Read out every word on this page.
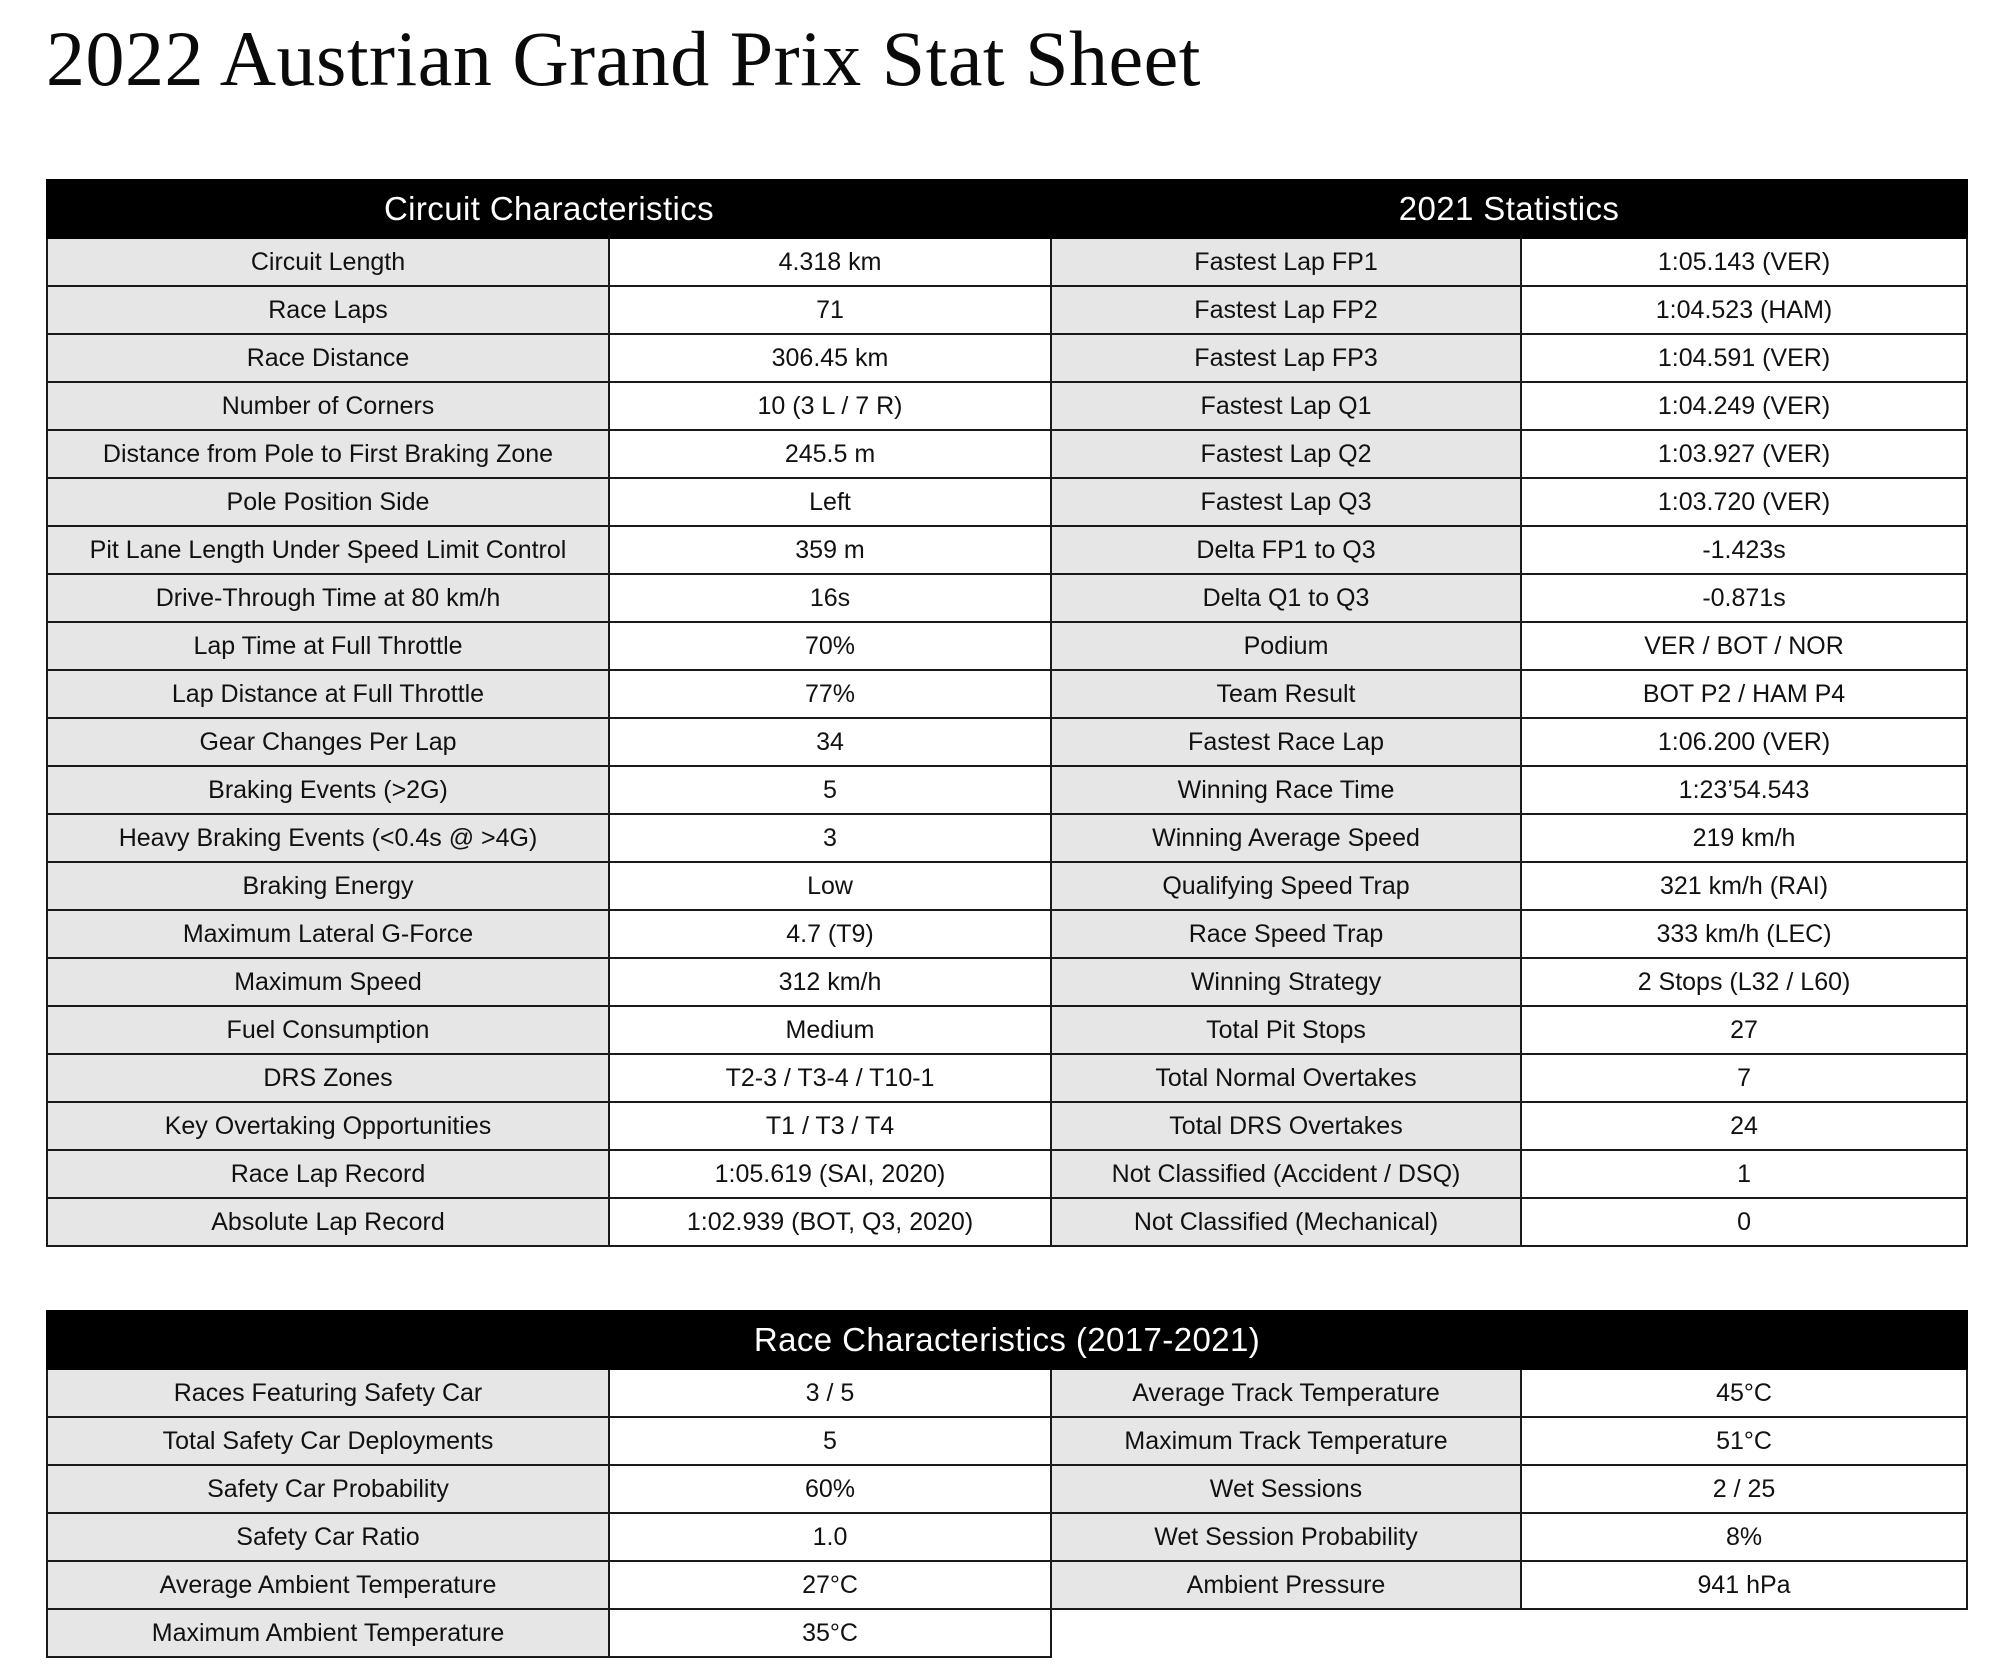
2022 Austrian Grand Prix Stat Sheet
Circuit Characteristics		2021 Statistics	
Circuit Length	4.318 km	Fastest Lap FP1	1:05.143 (VER)
Race Laps	71	Fastest Lap FP2	1:04.523 (HAM)
Race Distance	306.45 km	Fastest Lap FP3	1:04.591 (VER)
Number of Corners	10 (3 L / 7 R)	Fastest Lap Q1	1:04.249 (VER)
Distance from Pole to First Braking Zone	245.5 m	Fastest Lap Q2	1:03.927 (VER)
Pole Position Side	Left	Fastest Lap Q3	1:03.720 (VER)
Pit Lane Length Under Speed Limit Control	359 m	Delta FP1 to Q3	-1.423s
Drive-Through Time at 80 km/h	16s	Delta Q1 to Q3	-0.871s
Lap Time at Full Throttle	70%	Podium	VER / BOT / NOR
Lap Distance at Full Throttle	77%	Team Result	BOT P2 / HAM P4
Gear Changes Per Lap	34	Fastest Race Lap	1:06.200 (VER)
Braking Events (>2G)	5	Winning Race Time	1:23’54.543
Heavy Braking Events (<0.4s @ >4G)	3	Winning Average Speed	219 km/h
Braking Energy	Low	Qualifying Speed Trap	321 km/h (RAI)
Maximum Lateral G-Force	4.7 (T9)	Race Speed Trap	333 km/h (LEC)
Maximum Speed	312 km/h	Winning Strategy	2 Stops (L32 / L60)
Fuel Consumption	Medium	Total Pit Stops	27
DRS Zones	T2-3 / T3-4 / T10-1	Total Normal Overtakes	7
Key Overtaking Opportunities	T1 / T3 / T4	Total DRS Overtakes	24
Race Lap Record	1:05.619 (SAI, 2020)	Not Classified (Accident / DSQ)	1
Absolute Lap Record	1:02.939 (BOT, Q3, 2020)	Not Classified (Mechanical)	0
Race Characteristics (2017-2021)			
Races Featuring Safety Car	3 / 5	Average Track Temperature	45°C
Total Safety Car Deployments	5	Maximum Track Temperature	51°C
Safety Car Probability	60%	Wet Sessions	2 / 25
Safety Car Ratio	1.0	Wet Session Probability	8%
Average Ambient Temperature	27°C	Ambient Pressure	941 hPa
Maximum Ambient Temperature	35°C		
